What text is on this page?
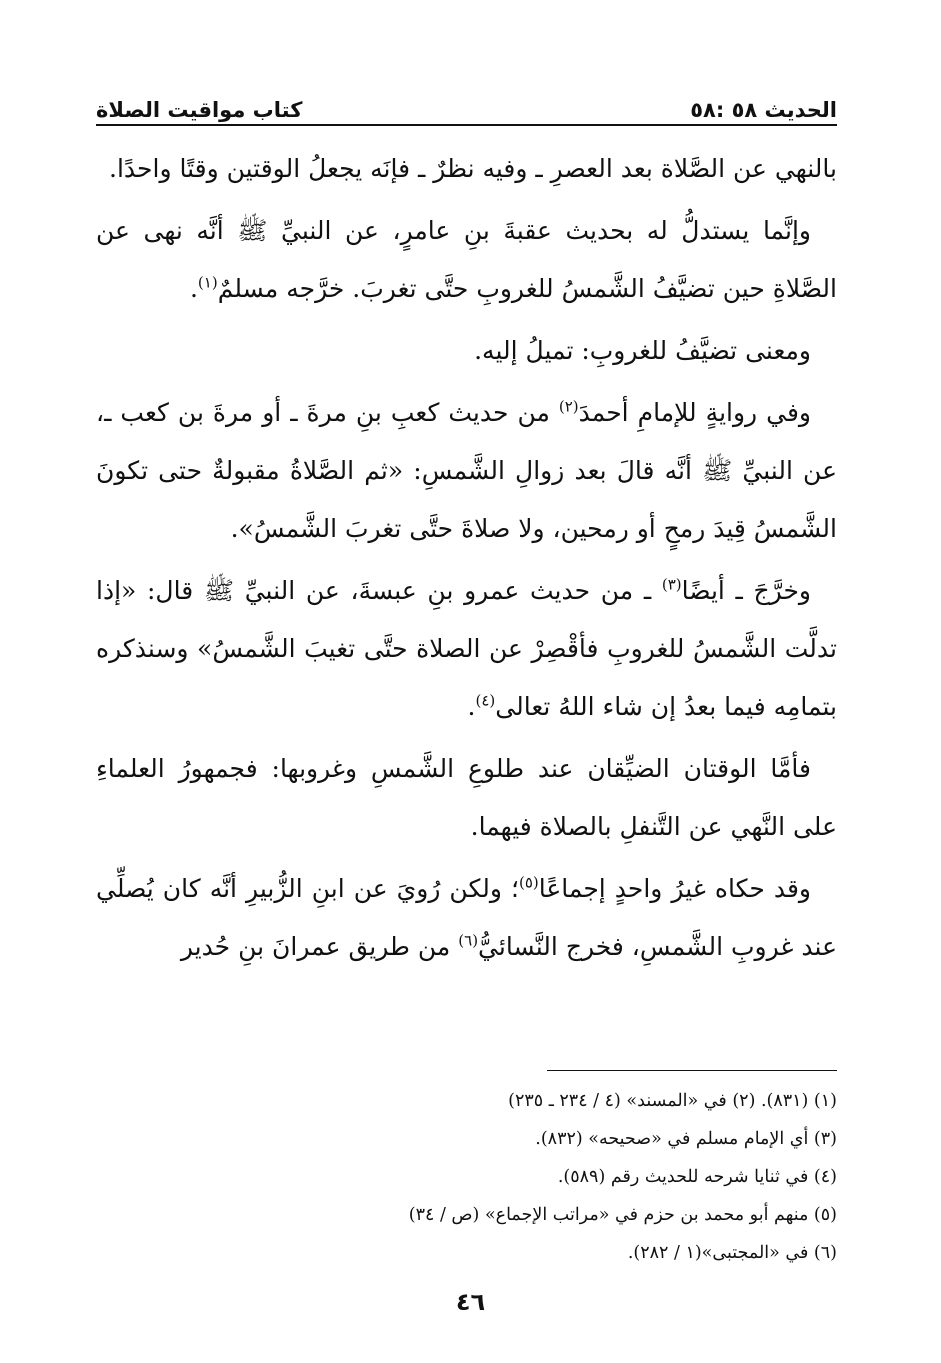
الحديث ٥٨ :٥٨
كتاب مواقيت الصلاة

بالنهي عن الصَّلاة بعد العصرِ ـ وفيه نظرٌ ـ فإنَه يجعلُ الوقتين وقتًا واحدًا.

وإنَّما يستدلُّ له بحديث عقبةَ بنِ عامرٍ، عن النبيِّ ﷺ أنَّه نهى عن الصَّلاةِ حين تضيَّفُ الشَّمسُ للغروبِ حتَّى تغربَ. خرَّجه مسلمٌ$^{(١)}$.

ومعنى تضيَّفُ للغروبِ: تميلُ إليه.

وفي روايةٍ للإمامِ أحمدَ$^{(٢)}$ من حديث كعبِ بنِ مرةَ ـ أو مرةَ بن كعب ـ، عن النبيِّ ﷺ أنَّه قالَ بعد زوالِ الشَّمسِ: «ثم الصَّلاةُ مقبولةٌ حتى تكونَ الشَّمسُ قِيدَ رمحٍ أو رمحين، ولا صلاةَ حتَّى تغربَ الشَّمسُ».

وخرَّجَ ـ أيضًا$^{(٣)}$ ـ من حديث عمرو بنِ عبسةَ، عن النبيِّ ﷺ قال: «إذا تدلَّت الشَّمسُ للغروبِ فأقْصِرْ عن الصلاة حتَّى تغيبَ الشَّمسُ» وسنذكره بتمامِه فيما بعدُ إن شاء اللهُ تعالى$^{(٤)}$.

فأمَّا الوقتان الضيِّقان عند طلوعِ الشَّمسِ وغروبها: فجمهورُ العلماءِ على النَّهي عن التَّنفلِ بالصلاة فيهما.

وقد حكاه غيرُ واحدٍ إجماعًا$^{(٥)}$؛ ولكن رُويَ عن ابنِ الزُّبيرِ أنَّه كان يُصلِّي عند غروبِ الشَّمسِ، فخرج النَّسائيُّ$^{(٦)}$ من طريق عمرانَ بنِ حُدير

(١) (٨٣١). (٢) في «المسند» (٤ / ٢٣٤ ـ ٢٣٥)
(٣) أي الإمام مسلم في «صحيحه» (٨٣٢).
(٤) في ثنايا شرحه للحديث رقم (٥٨٩).
(٥) منهم أبو محمد بن حزم في «مراتب الإجماع» (ص / ٣٤)
(٦) في «المجتبى»(١ / ٢٨٢).
٤٦
